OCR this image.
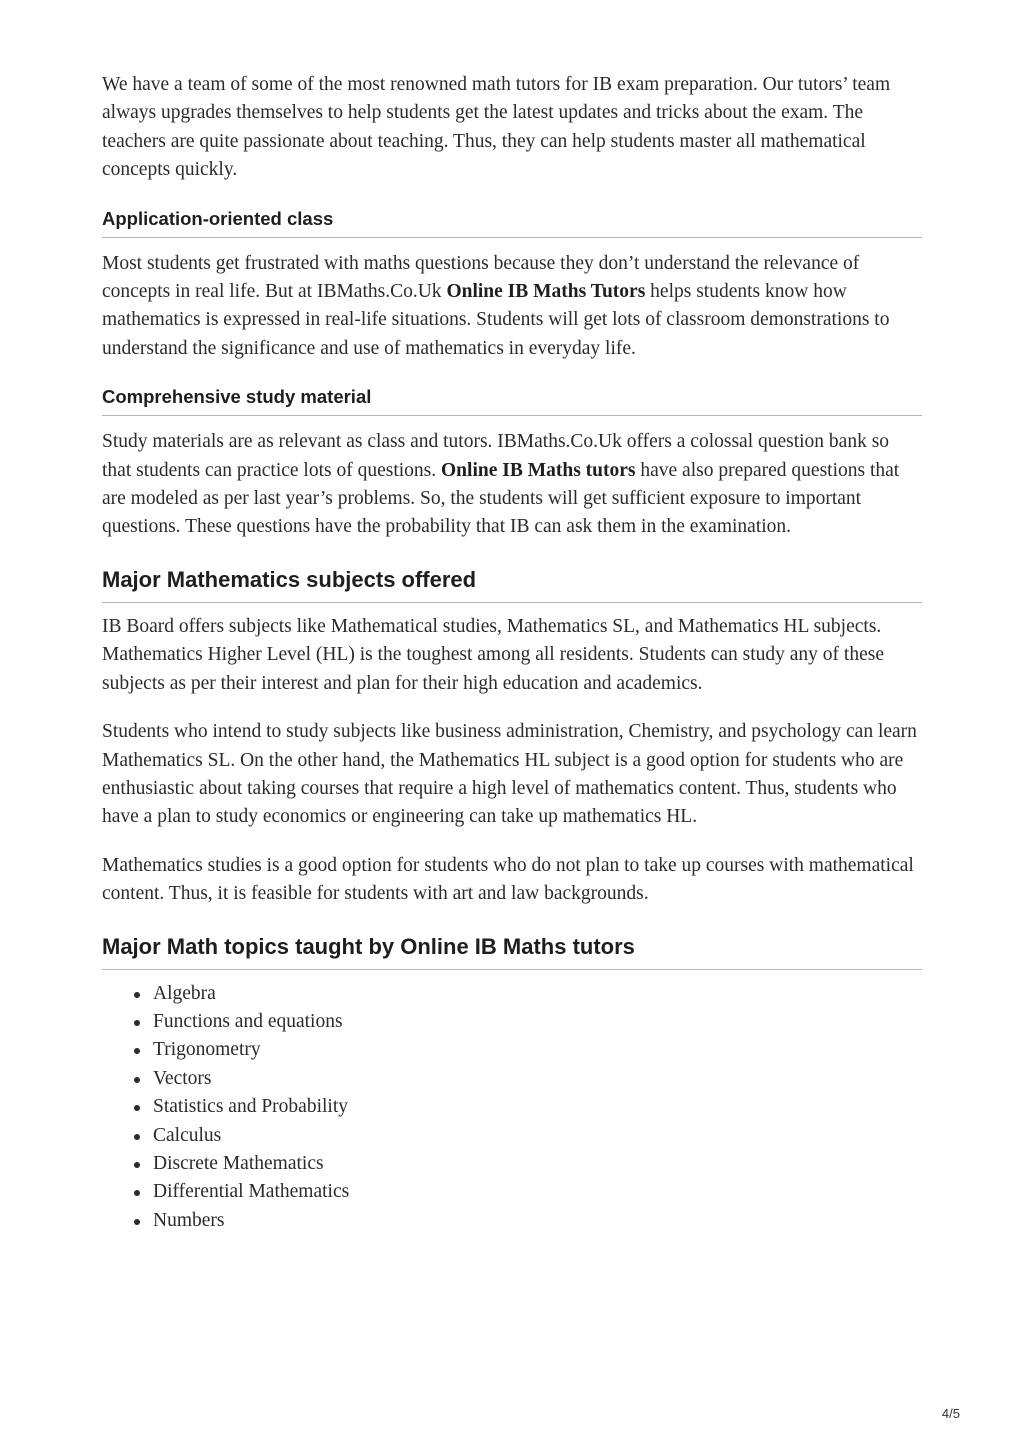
We have a team of some of the most renowned math tutors for IB exam preparation. Our tutors’ team always upgrades themselves to help students get the latest updates and tricks about the exam. The teachers are quite passionate about teaching. Thus, they can help students master all mathematical concepts quickly.

Application-oriented class

Most students get frustrated with maths questions because they don’t understand the relevance of concepts in real life. But at IBMaths.Co.Uk Online IB Maths Tutors helps students know how mathematics is expressed in real-life situations. Students will get lots of classroom demonstrations to understand the significance and use of mathematics in everyday life.

Comprehensive study material

Study materials are as relevant as class and tutors. IBMaths.Co.Uk offers a colossal question bank so that students can practice lots of questions. Online IB Maths tutors have also prepared questions that are modeled as per last year’s problems. So, the students will get sufficient exposure to important questions. These questions have the probability that IB can ask them in the examination.

Major Mathematics subjects offered

IB Board offers subjects like Mathematical studies, Mathematics SL, and Mathematics HL subjects. Mathematics Higher Level (HL) is the toughest among all residents. Students can study any of these subjects as per their interest and plan for their high education and academics.

Students who intend to study subjects like business administration, Chemistry, and psychology can learn Mathematics SL. On the other hand, the Mathematics HL subject is a good option for students who are enthusiastic about taking courses that require a high level of mathematics content. Thus, students who have a plan to study economics or engineering can take up mathematics HL.

Mathematics studies is a good option for students who do not plan to take up courses with mathematical content. Thus, it is feasible for students with art and law backgrounds.

Major Math topics taught by Online IB Maths tutors
Algebra
Functions and equations
Trigonometry
Vectors
Statistics and Probability
Calculus
Discrete Mathematics
Differential Mathematics
Numbers
4/5
